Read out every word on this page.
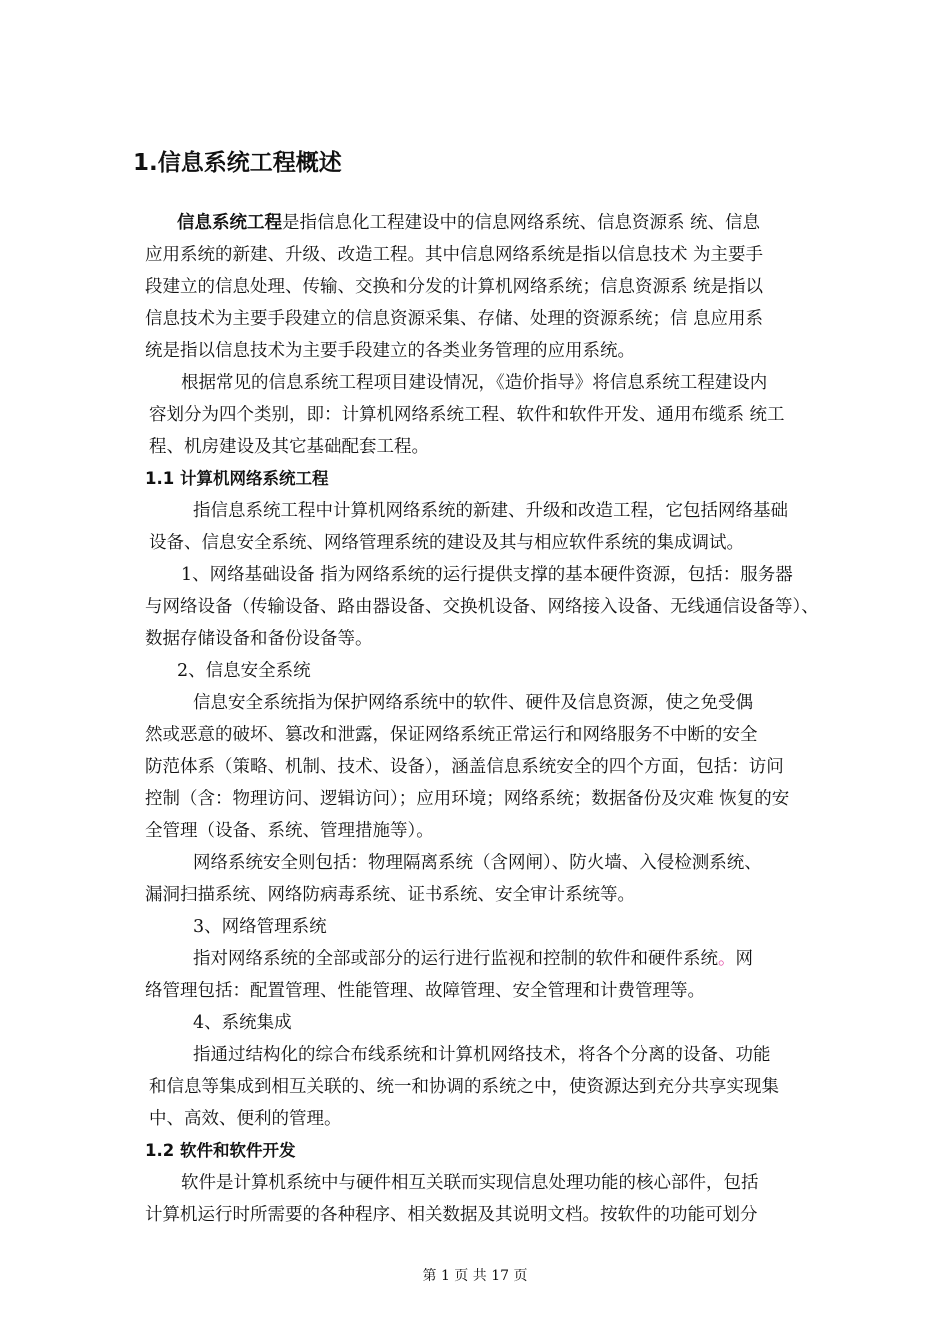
1.信息系统工程概述
信息系统工程是指信息化工程建设中的信息网络系统、信息资源系 统、信息
应用系统的新建、升级、改造工程。其中信息网络系统是指以信息技术 为主要手
段建立的信息处理、传输、交换和分发的计算机网络系统；信息资源系 统是指以
信息技术为主要手段建立的信息资源采集、存储、处理的资源系统；信 息应用系
统是指以信息技术为主要手段建立的各类业务管理的应用系统。
根据常见的信息系统工程项目建设情况，《造价指导》将信息系统工程建设内
容划分为四个类别，即：计算机网络系统工程、软件和软件开发、通用布缆系 统工
程、机房建设及其它基础配套工程。
1.1 计算机网络系统工程
指信息系统工程中计算机网络系统的新建、升级和改造工程，它包括网络基础
设备、信息安全系统、网络管理系统的建设及其与相应软件系统的集成调试。
1、网络基础设备 指为网络系统的运行提供支撑的基本硬件资源，包括：服务器
与网络设备（传输设备、路由器设备、交换机设备、网络接入设备、无线通信设备等）、
数据存储设备和备份设备等。
2、信息安全系统
信息安全系统指为保护网络系统中的软件、硬件及信息资源，使之免受偶
然或恶意的破坏、篡改和泄露，保证网络系统正常运行和网络服务不中断的安全
防范体系（策略、机制、技术、设备），涵盖信息系统安全的四个方面，包括：访问
控制（含：物理访问、逻辑访问）；应用环境；网络系统；数据备份及灾难 恢复的安
全管理（设备、系统、管理措施等）。
网络系统安全则包括：物理隔离系统（含网闸）、防火墙、入侵检测系统、
漏洞扫描系统、网络防病毒系统、证书系统、安全审计系统等。
3、网络管理系统
指对网络系统的全部或部分的运行进行监视和控制的软件和硬件系统。网
络管理包括：配置管理、性能管理、故障管理、安全管理和计费管理等。
4、系统集成
指通过结构化的综合布线系统和计算机网络技术，将各个分离的设备、功能
和信息等集成到相互关联的、统一和协调的系统之中，使资源达到充分共享实现集
中、高效、便利的管理。
1.2 软件和软件开发
软件是计算机系统中与硬件相互关联而实现信息处理功能的核心部件，包括
计算机运行时所需要的各种程序、相关数据及其说明文档。按软件的功能可划分
第 1 页 共 17 页
